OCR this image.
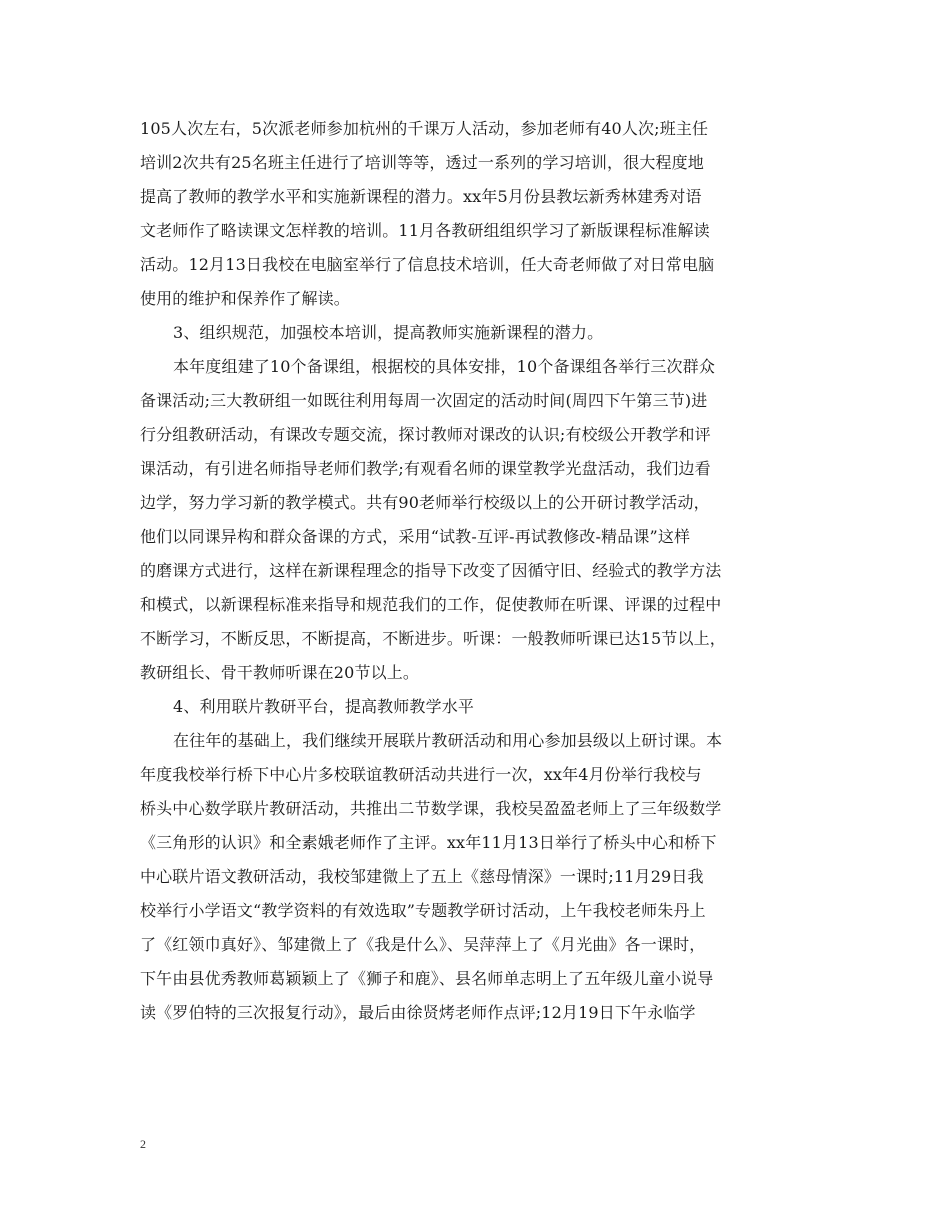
105人次左右，5次派老师参加杭州的千课万人活动，参加老师有40人次;班主任
培训2次共有25名班主任进行了培训等等，透过一系列的学习培训，很大程度地
提高了教师的教学水平和实施新课程的潜力。xx年5月份县教坛新秀林建秀对语
文老师作了略读课文怎样教的培训。11月各教研组组织学习了新版课程标准解读
活动。12月13日我校在电脑室举行了信息技术培训，任大奇老师做了对日常电脑
使用的维护和保养作了解读。
3、组织规范，加强校本培训，提高教师实施新课程的潜力。
本年度组建了10个备课组，根据校的具体安排，10个备课组各举行三次群众
备课活动;三大教研组一如既往利用每周一次固定的活动时间(周四下午第三节)进
行分组教研活动，有课改专题交流，探讨教师对课改的认识;有校级公开教学和评
课活动，有引进名师指导老师们教学;有观看名师的课堂教学光盘活动，我们边看
边学，努力学习新的教学模式。共有90老师举行校级以上的公开研讨教学活动，
他们以同课异构和群众备课的方式，采用“试教-互评-再试教修改-精品课”这样
的磨课方式进行，这样在新课程理念的指导下改变了因循守旧、经验式的教学方法
和模式，以新课程标准来指导和规范我们的工作，促使教师在听课、评课的过程中
不断学习，不断反思，不断提高，不断进步。听课：一般教师听课已达15节以上，
教研组长、骨干教师听课在20节以上。
4、利用联片教研平台，提高教师教学水平
在往年的基础上，我们继续开展联片教研活动和用心参加县级以上研讨课。本
年度我校举行桥下中心片多校联谊教研活动共进行一次，xx年4月份举行我校与
桥头中心数学联片教研活动，共推出二节数学课，我校吴盈盈老师上了三年级数学
《三角形的认识》和全素娥老师作了主评。xx年11月13日举行了桥头中心和桥下
中心联片语文教研活动，我校邹建微上了五上《慈母情深》一课时;11月29日我
校举行小学语文“教学资料的有效选取”专题教学研讨活动，上午我校老师朱丹上
了《红领巾真好》、邹建微上了《我是什么》、吴萍萍上了《月光曲》各一课时，
下午由县优秀教师葛颖颖上了《狮子和鹿》、县名师单志明上了五年级儿童小说导
读《罗伯特的三次报复行动》，最后由徐贤烤老师作点评;12月19日下午永临学
2
